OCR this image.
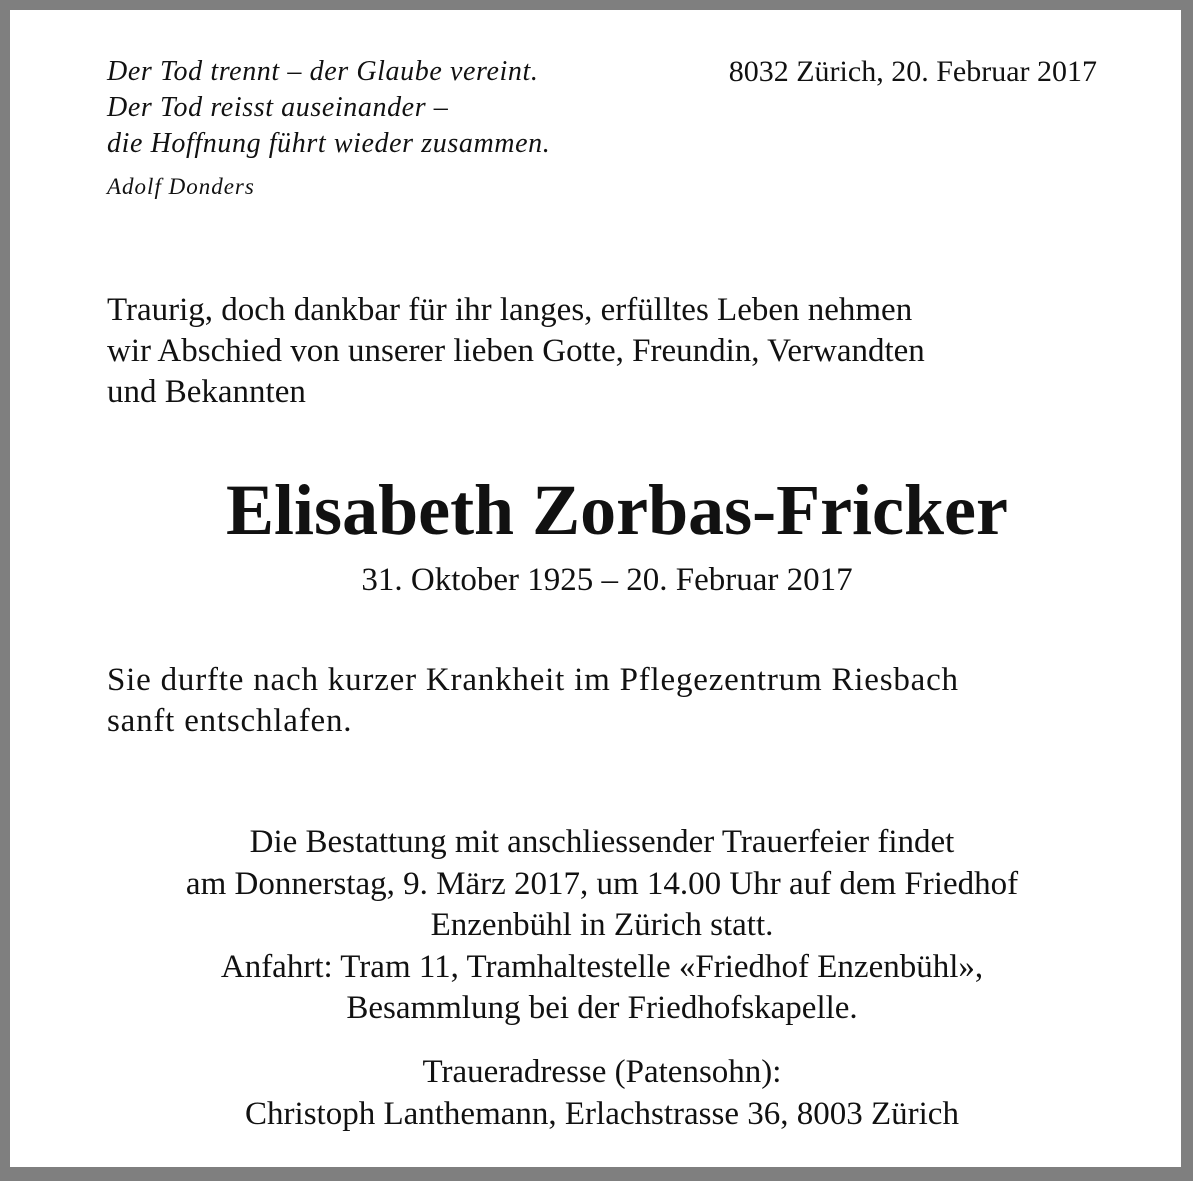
Der Tod trennt – der Glaube vereint.
Der Tod reisst auseinander –
die Hoffnung führt wieder zusammen.
Adolf Donders
8032 Zürich, 20. Februar 2017
Traurig, doch dankbar für ihr langes, erfülltes Leben nehmen
wir Abschied von unserer lieben Gotte, Freundin, Verwandten
und Bekannten
Elisabeth Zorbas-Fricker
31. Oktober 1925 – 20. Februar 2017
Sie durfte nach kurzer Krankheit im Pflegezentrum Riesbach
sanft entschlafen.
Die Bestattung mit anschliessender Trauerfeier findet
am Donnerstag, 9. März 2017, um 14.00 Uhr auf dem Friedhof
Enzenbühl in Zürich statt.
Anfahrt: Tram 11, Tramhaltestelle «Friedhof Enzenbühl»,
Besammlung bei der Friedhofskapelle.
Traueradresse (Patensohn):
Christoph Lanthemann, Erlachstrasse 36, 8003 Zürich
